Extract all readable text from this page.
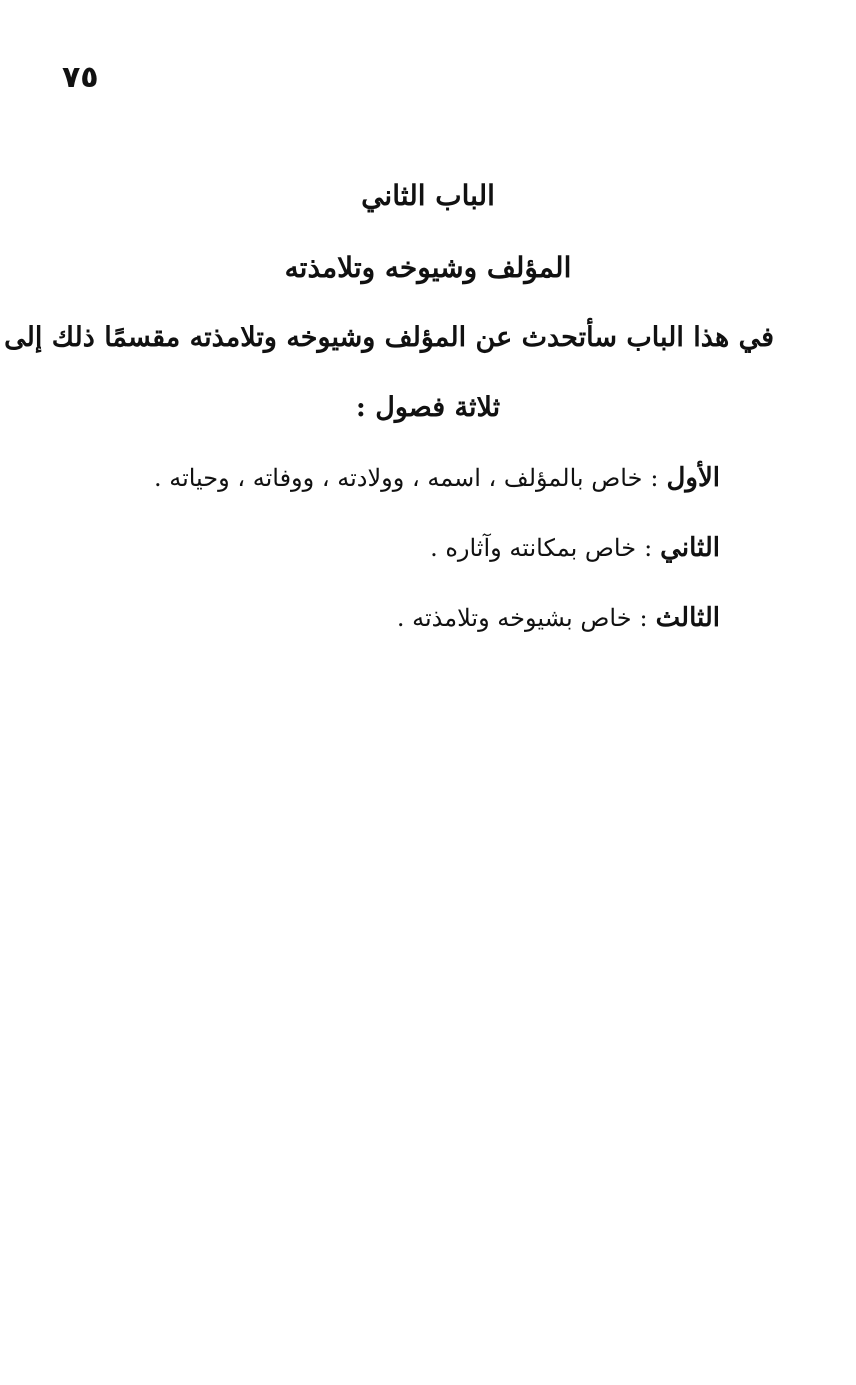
٧٥
الباب الثاني
المؤلف وشيوخه وتلامذته

في هذا الباب سأتحدث عن المؤلف وشيوخه وتلامذته مقسمًا ذلك إلى

ثلاثة فصول :

الأول:خاص بالمؤلف ، اسمه ، وولادته ، ووفاته ، وحياته .
الثاني:خاص بمكانته وآثاره .
الثالث:خاص بشيوخه وتلامذته .
